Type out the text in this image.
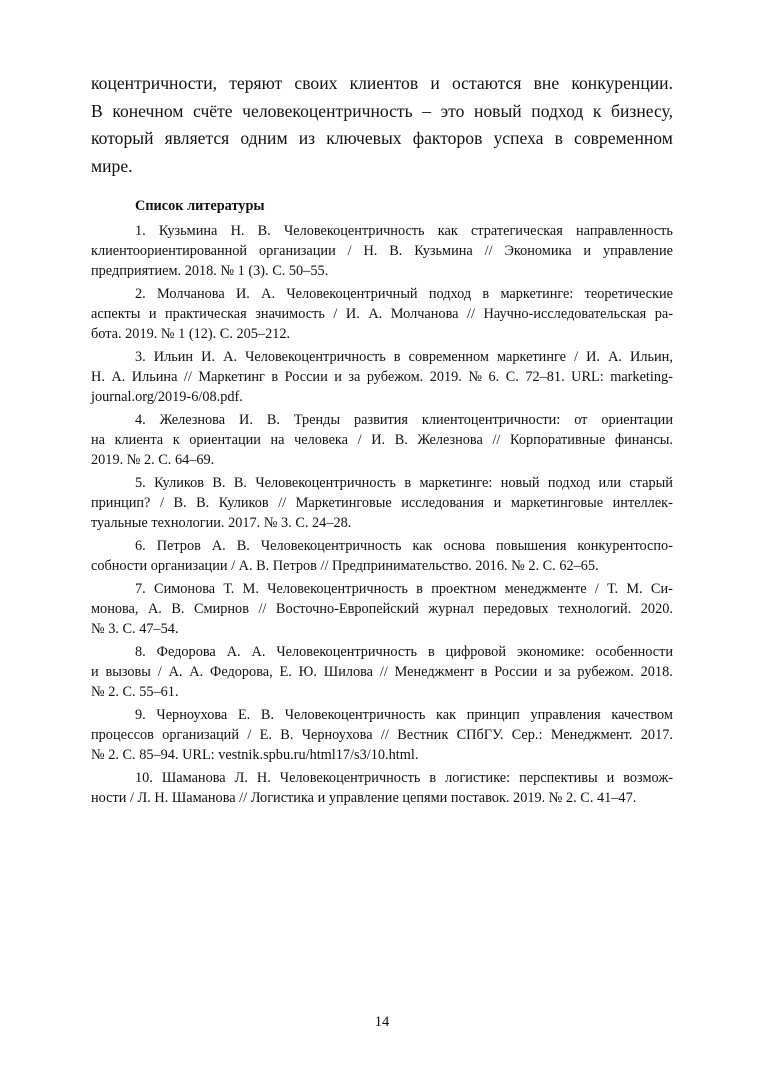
коцентричности, теряют своих клиентов и остаются вне конкуренции.
В конечном счёте человекоцентричность – это новый подход к бизнесу,
который является одним из ключевых факторов успеха в современном
мире.
Список литературы
1. Кузьмина Н. В. Человекоцентричность как стратегическая направленность
клиентоориентированной организации / Н. В. Кузьмина // Экономика и управление
предприятием. 2018. № 1 (3). С. 50–55.
2. Молчанова И. А. Человекоцентричный подход в маркетинге: теоретические
аспекты и практическая значимость / И. А. Молчанова // Научно-исследовательская ра-
бота. 2019. № 1 (12). С. 205–212.
3. Ильин И. А. Человекоцентричность в современном маркетинге / И. А. Ильин,
Н. А. Ильина // Маркетинг в России и за рубежом. 2019. № 6. С. 72–81. URL: marketing-
journal.org/2019-6/08.pdf.
4. Железнова И. В. Тренды развития клиентоцентричности: от ориентации
на клиента к ориентации на человека / И. В. Железнова // Корпоративные финансы.
2019. № 2. С. 64–69.
5. Куликов В. В. Человекоцентричность в маркетинге: новый подход или старый
принцип? / В. В. Куликов // Маркетинговые исследования и маркетинговые интеллек-
туальные технологии. 2017. № 3. С. 24–28.
6. Петров А. В. Человекоцентричность как основа повышения конкурентоспо-
собности организации / А. В. Петров // Предпринимательство. 2016. № 2. С. 62–65.
7. Симонова Т. М. Человекоцентричность в проектном менеджменте / Т. М. Си-
монова, А. В. Смирнов // Восточно-Европейский журнал передовых технологий. 2020.
№ 3. С. 47–54.
8. Федорова А. А. Человекоцентричность в цифровой экономике: особенности
и вызовы / А. А. Федорова, Е. Ю. Шилова // Менеджмент в России и за рубежом. 2018.
№ 2. С. 55–61.
9. Черноухова Е. В. Человекоцентричность как принцип управления качеством
процессов организаций / Е. В. Черноухова // Вестник СПбГУ. Сер.: Менеджмент. 2017.
№ 2. С. 85–94. URL: vestnik.spbu.ru/html17/s3/10.html.
10. Шаманова Л. Н. Человекоцентричность в логистике: перспективы и возмож-
ности / Л. Н. Шаманова // Логистика и управление цепями поставок. 2019. № 2. С. 41–47.
14
